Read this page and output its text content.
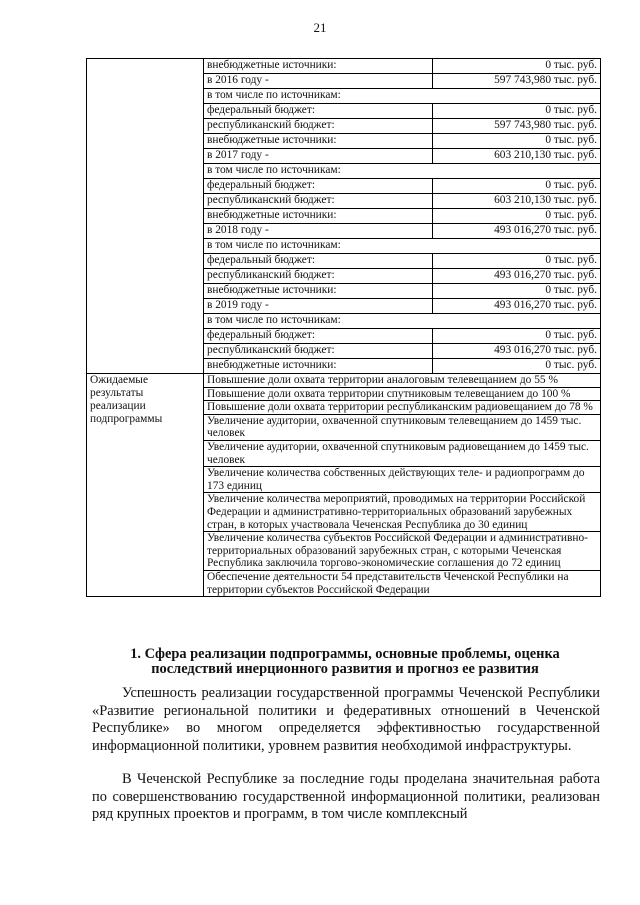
21
	внебюджетные источники:	0 тыс. руб.
	в 2016 году -	597 743,980 тыс. руб.
	в том числе по источникам:	
	федеральный бюджет:	0 тыс. руб.
	республиканский бюджет:	597 743,980 тыс. руб.
	внебюджетные источники:	0 тыс. руб.
	в 2017 году -	603 210,130 тыс. руб.
	в том числе по источникам:	
	федеральный бюджет:	0 тыс. руб.
	республиканский бюджет:	603 210,130 тыс. руб.
	внебюджетные источники:	0 тыс. руб.
	в 2018 году -	493 016,270 тыс. руб.
	в том числе по источникам:	
	федеральный бюджет:	0 тыс. руб.
	республиканский бюджет:	493 016,270 тыс. руб.
	внебюджетные источники:	0 тыс. руб.
	в 2019 году -	493 016,270 тыс. руб.
	в том числе по источникам:	
	федеральный бюджет:	0 тыс. руб.
	республиканский бюджет:	493 016,270 тыс. руб.
	внебюджетные источники:	0 тыс. руб.
Ожидаемые результаты реализации подпрограммы	Повышение доли охвата территории аналоговым телевещанием до 55 %	
	Повышение доли охвата территории спутниковым телевещанием до 100 %	
	Повышение доли охвата территории республиканским радиовещанием до 78 %	
	Увеличение аудитории, охваченной спутниковым телевещанием до 1459 тыс. человек	
	Увеличение аудитории, охваченной спутниковым радиовещанием до 1459 тыс. человек	
	Увеличение количества собственных действующих теле- и радиопрограмм до 173 единиц	
	Увеличение количества мероприятий, проводимых на территории Российской Федерации и административно-территориальных образований зарубежных стран, в которых участвовала Чеченская Республика до 30 единиц	
	Увеличение количества субъектов Российской Федерации и административно-территориальных образований зарубежных стран, с которыми Чеченская Республика заключила торгово-экономические соглашения до 72 единиц	
	Обеспечение деятельности 54 представительств Чеченской Республики на территории субъектов Российской Федерации	
1. Сфера реализации подпрограммы, основные проблемы, оценка последствий инерционного развития и прогноз ее развития

Успешность реализации государственной программы Чеченской Республики «Развитие региональной политики и федеративных отношений в Чеченской Республике» во многом определяется эффективностью государственной информационной политики, уровнем развития необходимой инфраструктуры.

В Чеченской Республике за последние годы проделана значительная работа по совершенствованию государственной информационной политики, реализован ряд крупных проектов и программ, в том числе комплексный
